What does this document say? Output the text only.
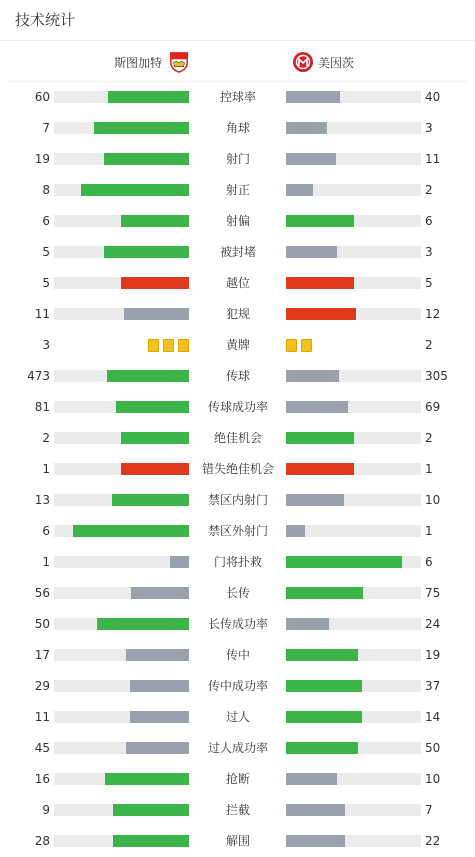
技术统计
斯图加特	美因茨
60	控球率	40
7	角球	3
19	射门	11
8	射正	2
6	射偏	6
5	被封堵	3
5	越位	5
11	犯规	12
3	黄牌	2
473	传球	305
81	传球成功率	69
2	绝佳机会	2
1	错失绝佳机会	1
13	禁区内射门	10
6	禁区外射门	1
1	门将扑救	6
56	长传	75
50	长传成功率	24
17	传中	19
29	传中成功率	37
11	过人	14
45	过人成功率	50
16	抢断	10
9	拦截	7
28	解围	22
